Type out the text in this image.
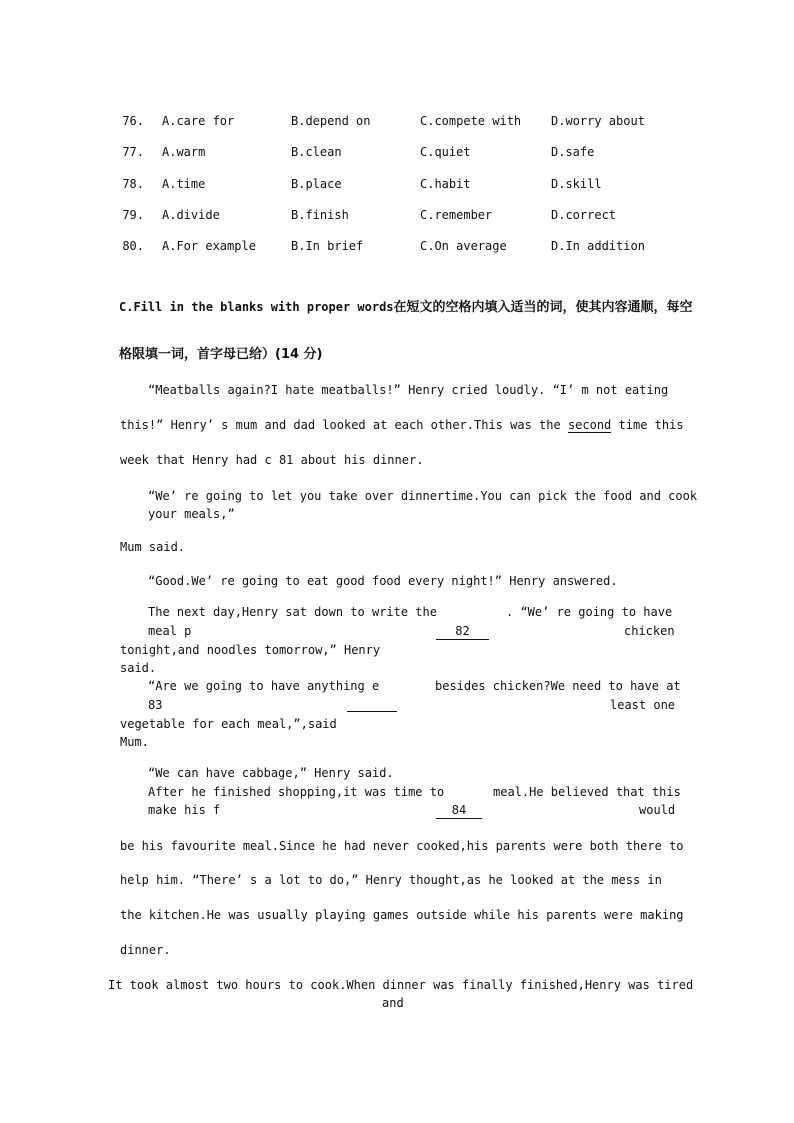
76. A.care for	B.depend on	C.compete with D.worry about
77. A.warm	B.clean	C.quiet	D.safe
78. A.time	B.place	C.habit	D.skill
79. A.divide	B.finish	C.remember	D.correct
80. A.For example	B.In brief	C.On average	D.In addition
C.Fill in the blanks with proper words在短文的空格内填入适当的词，使其内容通顺，每空
格限填一词，首字母已给）(14 分)
“Meatballs again?I hate meatballs!” Henry cried loudly. “I’ m not eating
this!” Henry’ s mum and dad looked at each other.This was the second time this
week that Henry had c 81 about his dinner.
“We’ re going to let you take over dinnertime.You can pick the food and cook
your meals,”
Mum said.
“Good.We’ re going to eat good food every night!” Henry answered.
The next day,Henry sat down to write the	. “We’ re going to have
meal p	82	chicken
tonight,and noodles tomorrow,” Henry
said.
“Are we going to have anything e	besides chicken?We need to have at
83	least one
vegetable for each meal,”,said
Mum.
“We can have cabbage,” Henry said.
After he finished shopping,it was time to	meal.He believed that this
make his f	84	would
be his favourite meal.Since he had never cooked,his parents were both there to
help him. “There’ s a lot to do,” Henry thought,as he looked at the mess in
the kitchen.He was usually playing games outside while his parents were making
dinner.
It took almost two hours to cook.When dinner was finally finished,Henry was tired
and
